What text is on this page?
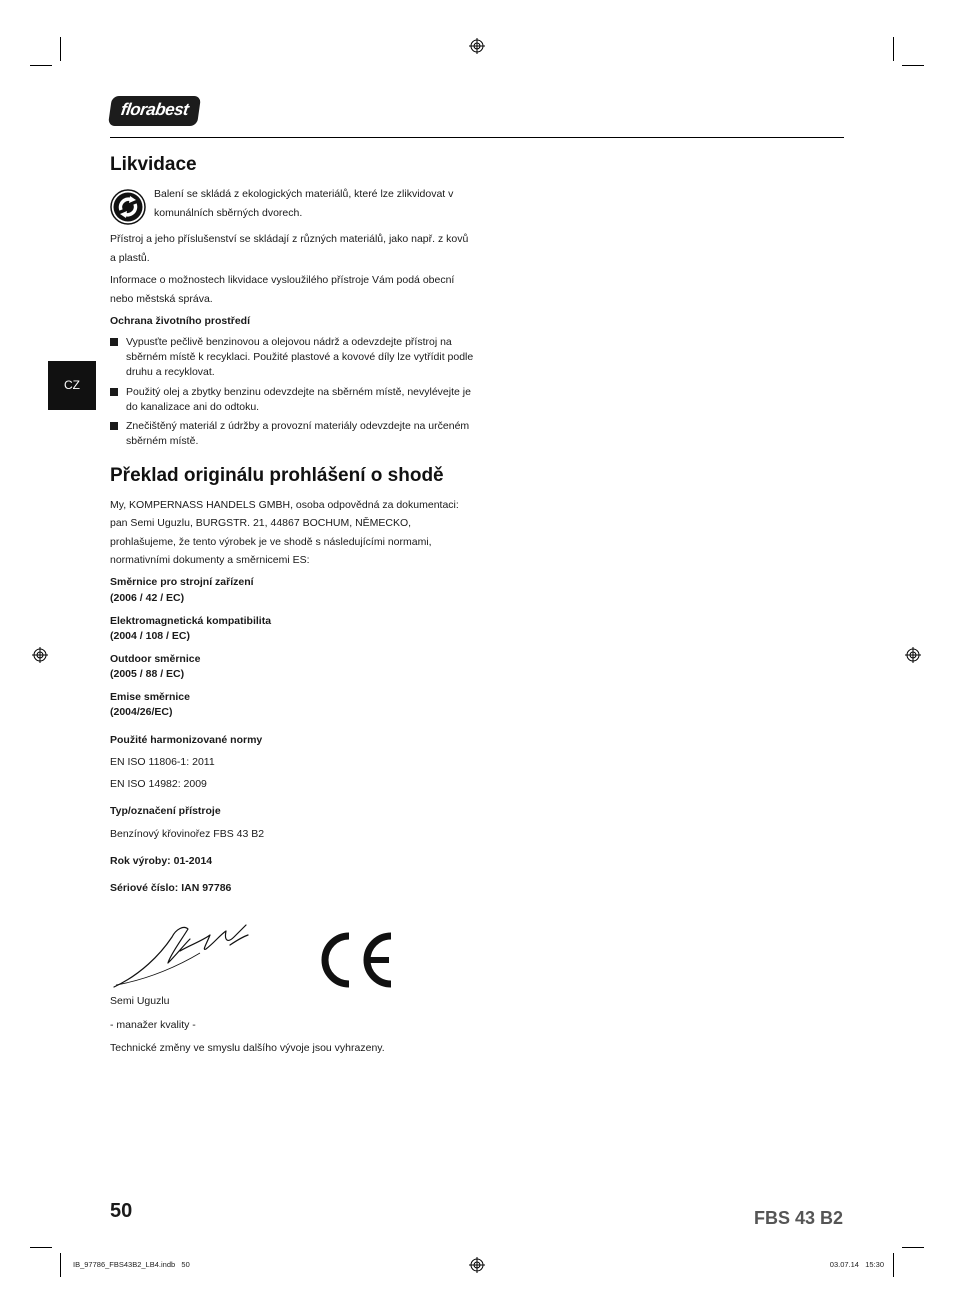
florabest
CZ
Likvidace

Balení se skládá z ekologických materiálů, které lze zlikvidovat v komunálních sběrných dvorech.

Přístroj a jeho příslušenství se skládají z různých materiálů, jako např. z kovů a plastů.

Informace o možnostech likvidace vysloužilého přístroje Vám podá obecní nebo městská správa.

Ochrana životního prostředí

Vypusťte pečlivě benzinovou a olejovou nádrž a odevzdejte přístroj na sběrném místě k recyklaci. Použité plastové a kovové díly lze vytřídit podle druhu a recyklovat.
Použitý olej a zbytky benzinu odevzdejte na sběrném místě, nevylévejte je do kanalizace ani do odtoku.
Znečištěný materiál z údržby a provozní materiály odevzdejte na určeném sběrném místě.
Překlad originálu prohlášení o shodě

My, KOMPERNASS HANDELS GMBH, osoba odpovědná za dokumentaci:

pan Semi Uguzlu, BURGSTR. 21, 44867 BOCHUM, NĚMECKO,

prohlašujeme, že tento výrobek je ve shodě s následujícími normami,

normativními dokumenty a směrnicemi ES:

Směrnice pro strojní zařízení

(2006 / 42 / EC)

Elektromagnetická kompatibilita

(2004 / 108 / EC)

Outdoor směrnice

(2005 / 88 / EC)

Emise směrnice

(2004/26/EC)

Použité harmonizované normy

EN ISO 11806-1: 2011

EN ISO 14982: 2009

Typ/označení přístroje

Benzínový křovinořez FBS 43 B2

Rok výroby: 01-2014

Sériové číslo: IAN 97786

Semi Uguzlu

- manažer kvality -

Technické změny ve smyslu dalšího vývoje jsou vyhrazeny.

50	FBS 43 B2
IB_97786_FBS43B2_LB4.indb   50	03.07.14   15:30
